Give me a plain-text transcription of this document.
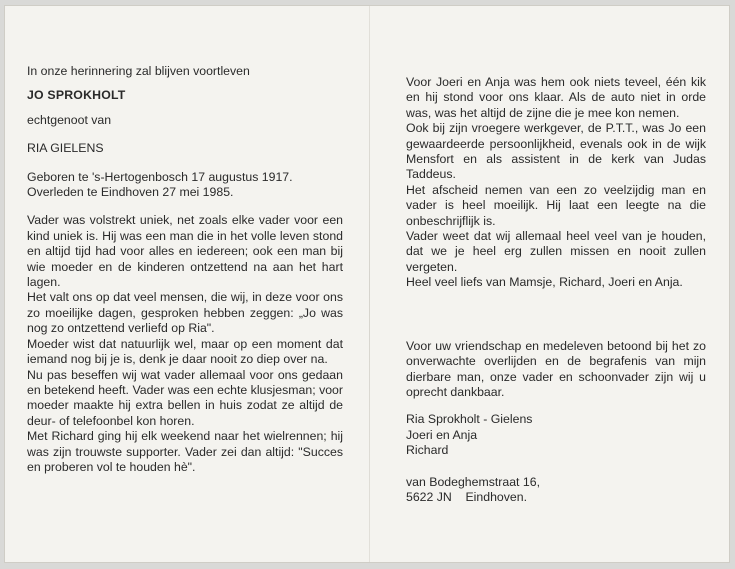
In onze herinnering zal blijven voortleven

JO SPROKHOLT

echtgenoot van

RIA GIELENS

Geboren te 's-Hertogenbosch 17 augustus 1917.

Overleden te Eindhoven 27 mei 1985.

Vader was volstrekt uniek, net zoals elke vader voor een kind uniek is. Hij was een man die in het volle leven stond en altijd tijd had voor alles en iedereen; ook een man bij wie moeder en de kinderen ontzettend na aan het hart lagen.

Het valt ons op dat veel mensen, die wij, in deze voor ons zo moeilijke dagen, gesproken hebben zeggen: „Jo was nog zo ontzettend verliefd op Ria".

Moeder wist dat natuurlijk wel, maar op een moment dat iemand nog bij je is, denk je daar nooit zo diep over na.

Nu pas beseffen wij wat vader allemaal voor ons gedaan en betekend heeft. Vader was een echte klusjesman; voor moeder maakte hij extra bellen in huis zodat ze altijd de deur- of telefoonbel kon horen.

Met Richard ging hij elk weekend naar het wielrennen; hij was zijn trouwste supporter. Vader zei dan altijd: "Succes en proberen vol te houden hè".

Voor Joeri en Anja was hem ook niets teveel, één kik en hij stond voor ons klaar. Als de auto niet in orde was, was het altijd de zijne die je mee kon nemen.

Ook bij zijn vroegere werkgever, de P.T.T., was Jo een gewaardeerde persoonlijkheid, evenals ook in de wijk Mensfort en als assistent in de kerk van Judas Taddeus.

Het afscheid nemen van een zo veelzijdig man en vader is heel moeilijk. Hij laat een leegte na die onbeschrijflijk is.

Vader weet dat wij allemaal heel veel van je houden, dat we je heel erg zullen missen en nooit zullen vergeten.

Heel veel liefs van Mamsje, Richard, Joeri en Anja.

Voor uw vriendschap en medeleven betoond bij het zo onverwachte overlijden en de begrafenis van mijn dierbare man, onze vader en schoonvader zijn wij u oprecht dankbaar.

Ria Sprokholt - Gielens

Joeri en Anja

Richard

van Bodeghemstraat 16,

5622 JN    Eindhoven.
